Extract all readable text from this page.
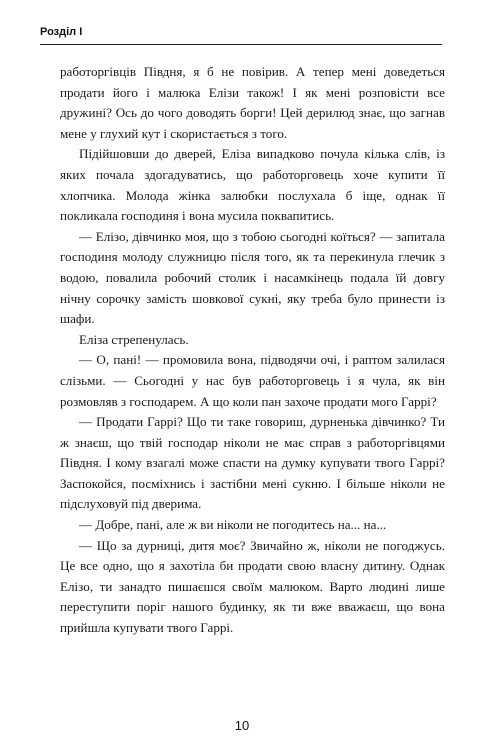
Розділ I

работоргівців Півдня, я б не повірив. А тепер мені доведеться продати його і малюка Елізи також! І як мені розповісти все дружині? Ось до чого доводять борги! Цей дерилюд знає, що загнав мене у глухий кут і скористається з того.

Підійшовши до дверей, Еліза випадково почула кілька слів, із яких почала здогадуватись, що работорговець хоче купити її хлопчика. Молода жінка залюбки послухала б іще, однак її покликала господиня і вона мусила поквапитись.

— Елізо, дівчинко моя, що з тобою сьогодні коїться? — запитала господиня молоду служницю після того, як та перекинула глечик з водою, повалила робочий столик і насамкінець подала їй довгу нічну сорочку замість шовкової сукні, яку треба було принести із шафи.

Еліза стрепенулась.

— О, пані! — промовила вона, підводячи очі, і раптом залилася слізьми. — Сьогодні у нас був работорговець і я чула, як він розмовляв з господарем. А що коли пан захоче продати мого Гаррі?

— Продати Гаррі? Що ти таке говориш, дурненька дівчинко? Ти ж знаєш, що твій господар ніколи не має справ з работоргівцями Півдня. І кому взагалі може спасти на думку купувати твого Гаррі? Заспокойся, посміхнись і застібни мені сукню. І більше ніколи не підслуховуй під дверима.

— Добре, пані, але ж ви ніколи не погодитесь на... на...

— Що за дурниці, дитя моє? Звичайно ж, ніколи не погоджусь. Це все одно, що я захотіла би продати свою власну дитину. Однак Елізо, ти занадто пишаєшся своїм малюком. Варто людині лише переступити поріг нашого будинку, як ти вже вважаєш, що вона прийшла купувати твого Гаррі.

10
